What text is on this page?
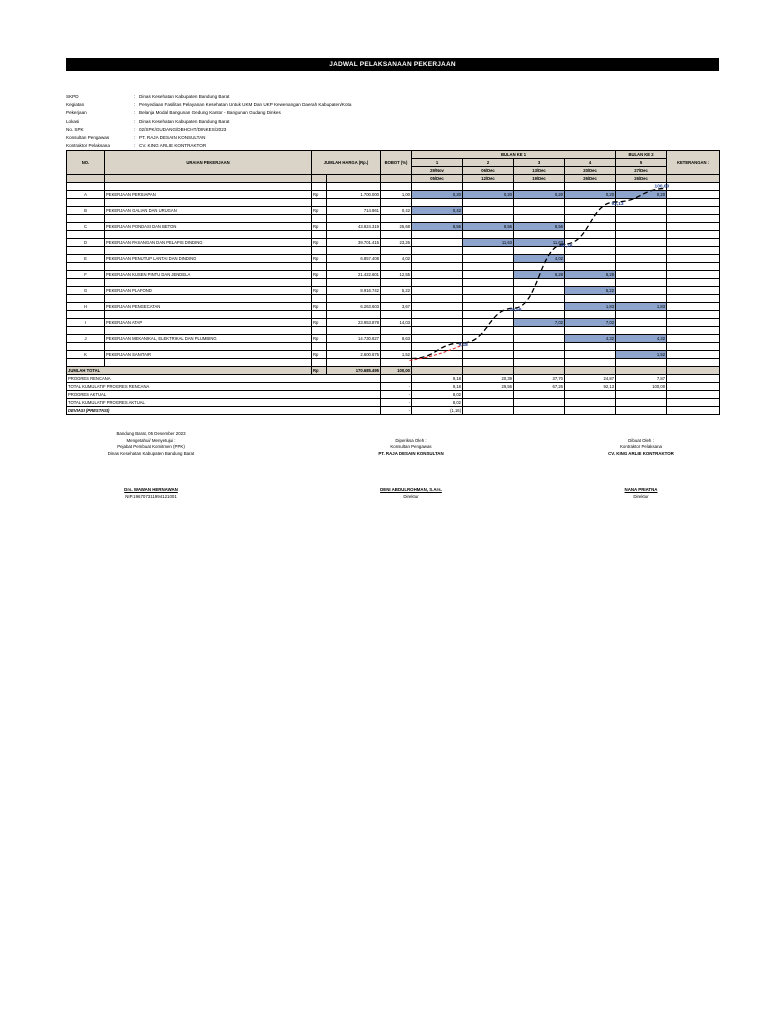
JADWAL PELAKSANAAN PEKERJAAN
SKPD	: Dinas Kesehatan Kabupaten Bandung Barat
Kegiatan	: Penyediaan Fasilitas Pelayanan Kesehatan Untuk UKM Dan UKP Kewenangan Daerah Kabupaten/Kota
Pekerjaan	: Belanja Modal Bangunan Gedung Kantor - Bangunan Gudang Dinkes
Lokasi	: Dinas Kesehatan Kabupaten Bandung Barat
No. SPK	: 02/SPK/GUDANG/DBHCHT/DINKES/2023
Konsultan Pengawas	: PT. RAJA DESAIN KONSULTAN
Kontraktor Pelaksana	: CV. KING ARLIE KONTRAKTOR
NO.	URAIAN PEKERJAAN	JUMLAH HARGA (Rp.)		BOBOT (%)	BULAN KE 1				BULAN KE 2	KETERANGAN :
					1	2	3	4	5	
					29/Nov	06/Dec	13/Dec	20/Dec	27/Dec	
					05/Dec	12/Dec	19/Dec	26/Dec	26/Dec	

A	PEKERJAAN PERSIAPAN	Rp	1.700.000	1,00	0,20	0,20	0,20	0,20	0,20	

B	PEKERJAAN GALIAN DAN URUGAN	Rp	714.861	0,42	0,42					

C	PEKERJAAN PONDASI DAN BETON	Rp	43.824.319	25,68	8,56	8,56	8,56			

D	PEKERJAAN PASANGAN DAN PELAPIS DINDING	Rp	39.701.415	23,26		11,63	11,63			

E	PEKERJAAN PENUTUP LANTAI DAN DINDING	Rp	6.857.408	4,02			4,02			

F	PEKERJAAN KUSEN PINTU DAN JENDELA	Rp	21.422.601	12,55			6,28	6,28		

G	PEKERJAAN PLAFOND	Rp	8.916.742	5,22				5,22		

H	PEKERJAAN PENGECATAN	Rp	6.263.603	3,67				1,83	1,83	

I	PEKERJAAN ATAP	Rp	23.953.878	14,03			7,02	7,02		

J	PEKERJAAN MEKANIKAL, ELEKTRIKAL DAN PLUMBING	Rp	14.730.827	8,63				4,32	4,32	

K	PEKERJAAN SANITAIR	Rp	2.600.675	1,52					1,52	

JUMLAH TOTAL		Rp	170.685.495	100,00						
PROGRES RENCANA					9,18	20,39	37,70	24,87	7,87	
TOTAL KUMULATIF PROGRES RENCANA				-	9,18	29,56	67,26	92,13	100,00	
PROGRES AKTUAL				-	8,02					
TOTAL KUMULATIF PROGRES AKTUAL				-	8,02					
DEVIASI (PRESTASI)				-	(1,16)					
9,18
29,56
67,26
92,13
100,00
Bandung Barat, 05 Desember 2023
Mengetahui/ Menyetujui :
Pejabat Pembuat Komitmen (PPK)
Dinas Kesehatan Kabupaten Bandung Barat
Drs. WAWAN HERNAWAN
NIP.196707311994121001
Diperiksa Oleh :
Konsultan Pengawas
PT. RAJA DESAIN KONSULTAN
DENI ABDULROHMAN, S.Ars.
Direktur
Dibuat Oleh :
Kontraktor Pelaksana
CV. KING ARLIE KONTRAKTOR
NANA PRIATNA
Direktur
